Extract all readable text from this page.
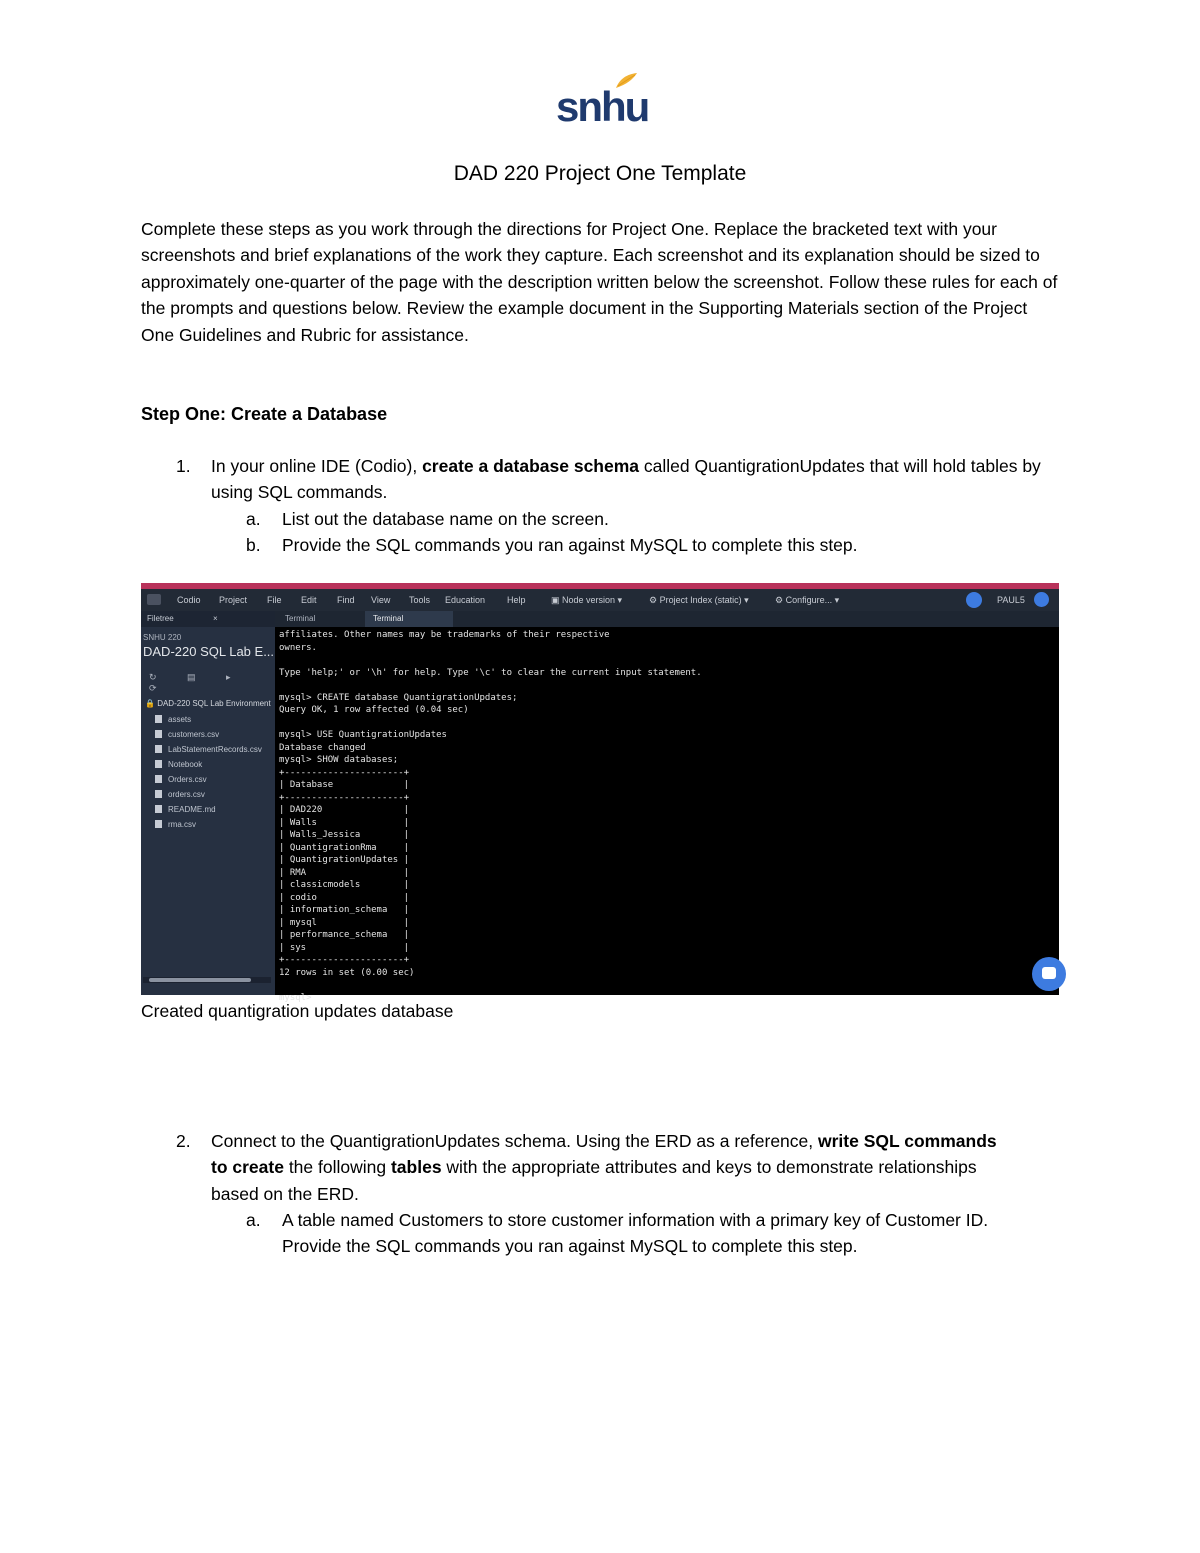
snhu
DAD 220 Project One Template

Complete these steps as you work through the directions for Project One. Replace the bracketed text with your screenshots and brief explanations of the work they capture. Each screenshot and its explanation should be sized to approximately one-quarter of the page with the description written below the screenshot. Follow these rules for each of the prompts and questions below. Review the example document in the Supporting Materials section of the Project One Guidelines and Rubric for assistance.

Step One: Create a Database
1. In your online IDE (Codio), create a database schema called QuantigrationUpdates that will hold tables by using SQL commands.
a. List out the database name on the screen.
b. Provide the SQL commands you ran against MySQL to complete this step.
Codio Project File Edit Find View Tools Education Help	▣ Node version ▾	⚙ Project Index (static) ▾	⚙ Configure... ▾	PAUL5
Filetree	×
SNHU 220
DAD-220 SQL Lab E...
↻ ▤ ▸ ⟳
🔒 DAD-220 SQL Lab Environment
assets
customers.csv
LabStatementRecords.csv
Notebook
Orders.csv
orders.csv
README.md
rma.csv
Terminal	Terminal
affiliates. Other names may be trademarks of their respective
owners.

Type 'help;' or '\h' for help. Type '\c' to clear the current input statement.

mysql> CREATE database QuantigrationUpdates;
Query OK, 1 row affected (0.04 sec)

mysql> USE QuantigrationUpdates
Database changed
mysql> SHOW databases;
+----------------------+
| Database             |
+----------------------+
| DAD220               |
| Walls                |
| Walls_Jessica        |
| QuantigrationRma     |
| QuantigrationUpdates |
| RMA                  |
| classicmodels        |
| codio                |
| information_schema   |
| mysql                |
| performance_schema   |
| sys                  |
+----------------------+
12 rows in set (0.00 sec)

mysql>
Created quantigration updates database
2. Connect to the QuantigrationUpdates schema. Using the ERD as a reference, write SQL commands to create the following tables with the appropriate attributes and keys to demonstrate relationships based on the ERD.
a. A table named Customers to store customer information with a primary key of Customer ID. Provide the SQL commands you ran against MySQL to complete this step.
